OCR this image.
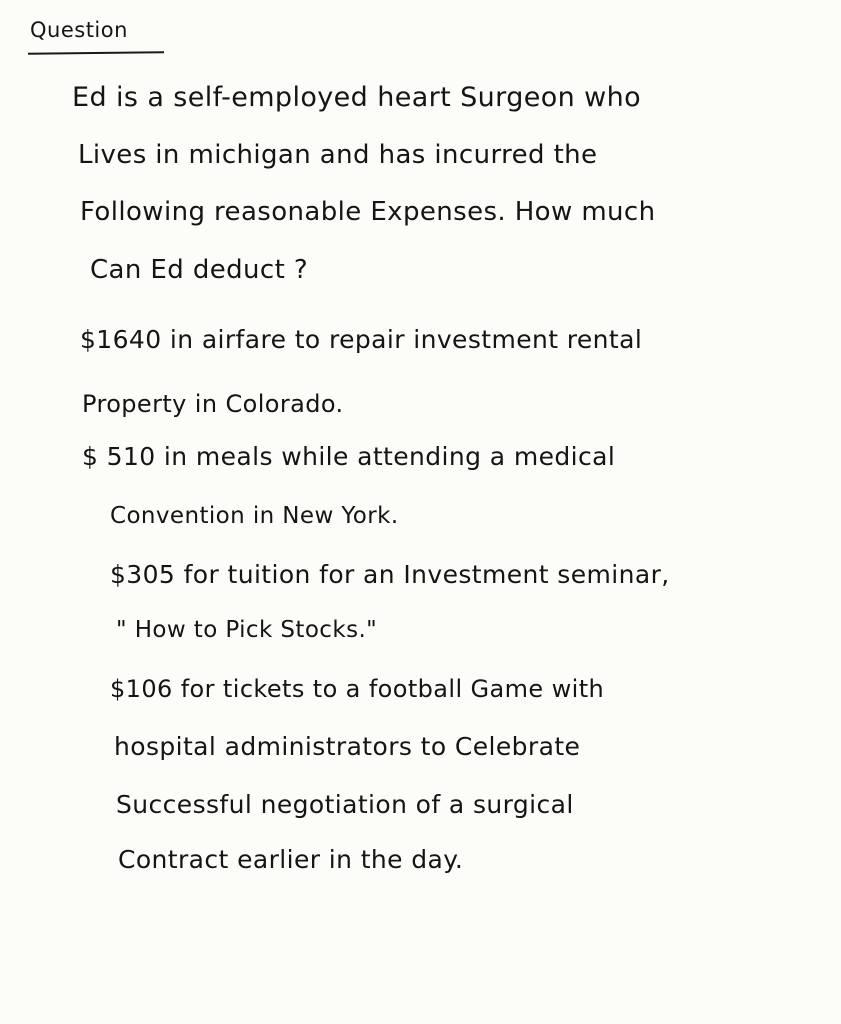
Question
Ed is a self-employed heart Surgeon who
Lives in michigan and has incurred the
Following reasonable Expenses. How much
Can Ed deduct ?
$1640 in airfare to repair investment rental
Property in Colorado.
$ 510 in meals while attending a medical
Convention in New York.
$305 for tuition for an Investment seminar,
" How to Pick Stocks."
$106 for tickets to a football Game with
hospital administrators to Celebrate
Successful negotiation of a surgical
Contract earlier in the day.
